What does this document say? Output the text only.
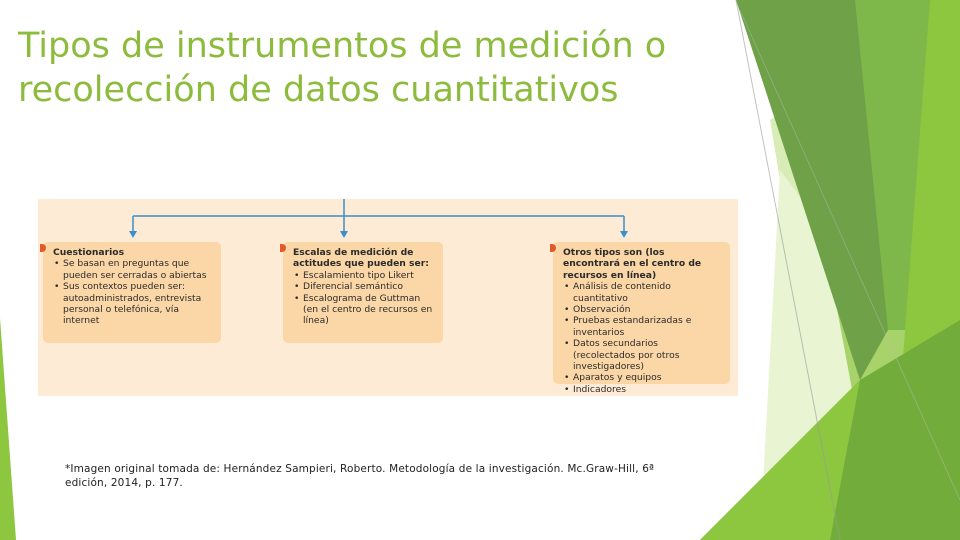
Tipos de instrumentos de medición o
recolección de datos cuantitativos
Cuestionarios
• Se basan en preguntas que pueden ser cerradas o abiertas
• Sus contextos pueden ser: autoadministrados, entrevista personal o telefónica, vía internet
Escalas de medición de actitudes que pueden ser:
• Escalamiento tipo Likert
• Diferencial semántico
• Escalograma de Guttman (en el centro de recursos en línea)
Otros tipos son (los encontrará en el centro de recursos en línea)
• Análisis de contenido cuantitativo
• Observación
• Pruebas estandarizadas e inventarios
• Datos secundarios (recolectados por otros investigadores)
• Aparatos y equipos
• Indicadores
*Imagen original tomada de: Hernández Sampieri, Roberto. Metodología de la investigación. Mc.Graw-Hill, 6ª
edición, 2014, p. 177.
